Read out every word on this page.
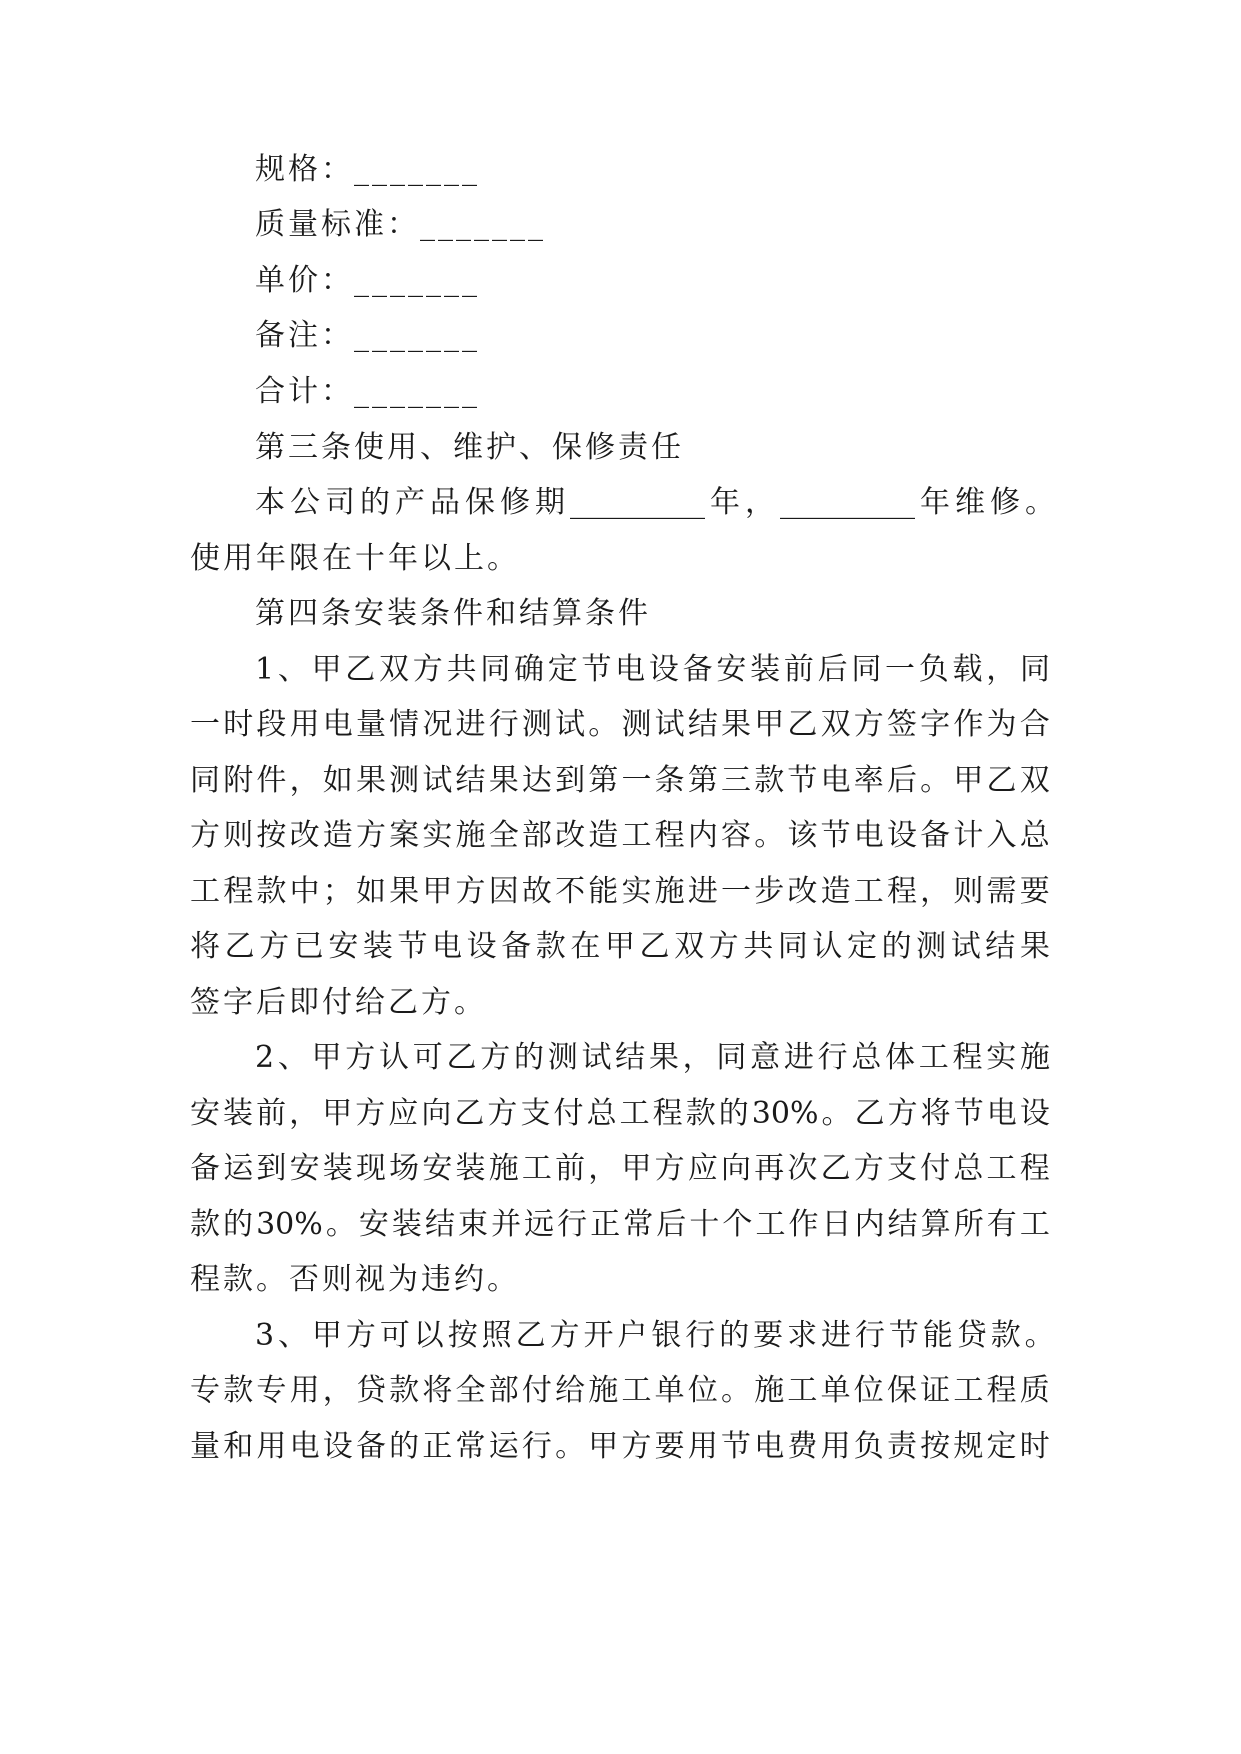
规格：_______
质量标准：_______
单价：_______
备注：_______
合计：_______
第三条使用、维护、保修责任
本 公 司 的 产 品 保 修 期 _________ 年 ， _________ 年 维 修 。
使用年限在十年以上。
第四条安装条件和结算条件
1 、 甲 乙 双 方 共 同 确 定 节 电 设 备 安 装 前 后 同 一 负 载 ， 同
一 时 段 用 电 量 情 况 进 行 测 试 。 测 试 结 果 甲 乙 双 方 签 字 作 为 合
同 附 件 ， 如 果 测 试 结 果 达 到 第 一 条 第 三 款 节 电 率 后 。 甲 乙 双
方 则 按 改 造 方 案 实 施 全 部 改 造 工 程 内 容 。 该 节 电 设 备 计 入 总
工 程 款 中 ； 如 果 甲 方 因 故 不 能 实 施 进 一 步 改 造 工 程 ， 则 需 要
将 乙 方 已 安 装 节 电 设 备 款 在 甲 乙 双 方 共 同 认 定 的 测 试 结 果
签字后即付给乙方。
2 、 甲 方 认 可 乙 方 的 测 试 结 果 ， 同 意 进 行 总 体 工 程 实 施
安 装 前 ， 甲 方 应 向 乙 方 支 付 总 工 程 款 的 30% 。 乙 方 将 节 电 设
备 运 到 安 装 现 场 安 装 施 工 前 ， 甲 方 应 向 再 次 乙 方 支 付 总 工 程
款 的 30% 。 安 装 结 束 并 远 行 正 常 后 十 个 工 作 日 内 结 算 所 有 工
程款。否则视为违约。
3 、 甲 方 可 以 按 照 乙 方 开 户 银 行 的 要 求 进 行 节 能 贷 款 。
专 款 专 用 ， 贷 款 将 全 部 付 给 施 工 单 位 。 施 工 单 位 保 证 工 程 质
量 和 用 电 设 备 的 正 常 运 行 。 甲 方 要 用 节 电 费 用 负 责 按 规 定 时
